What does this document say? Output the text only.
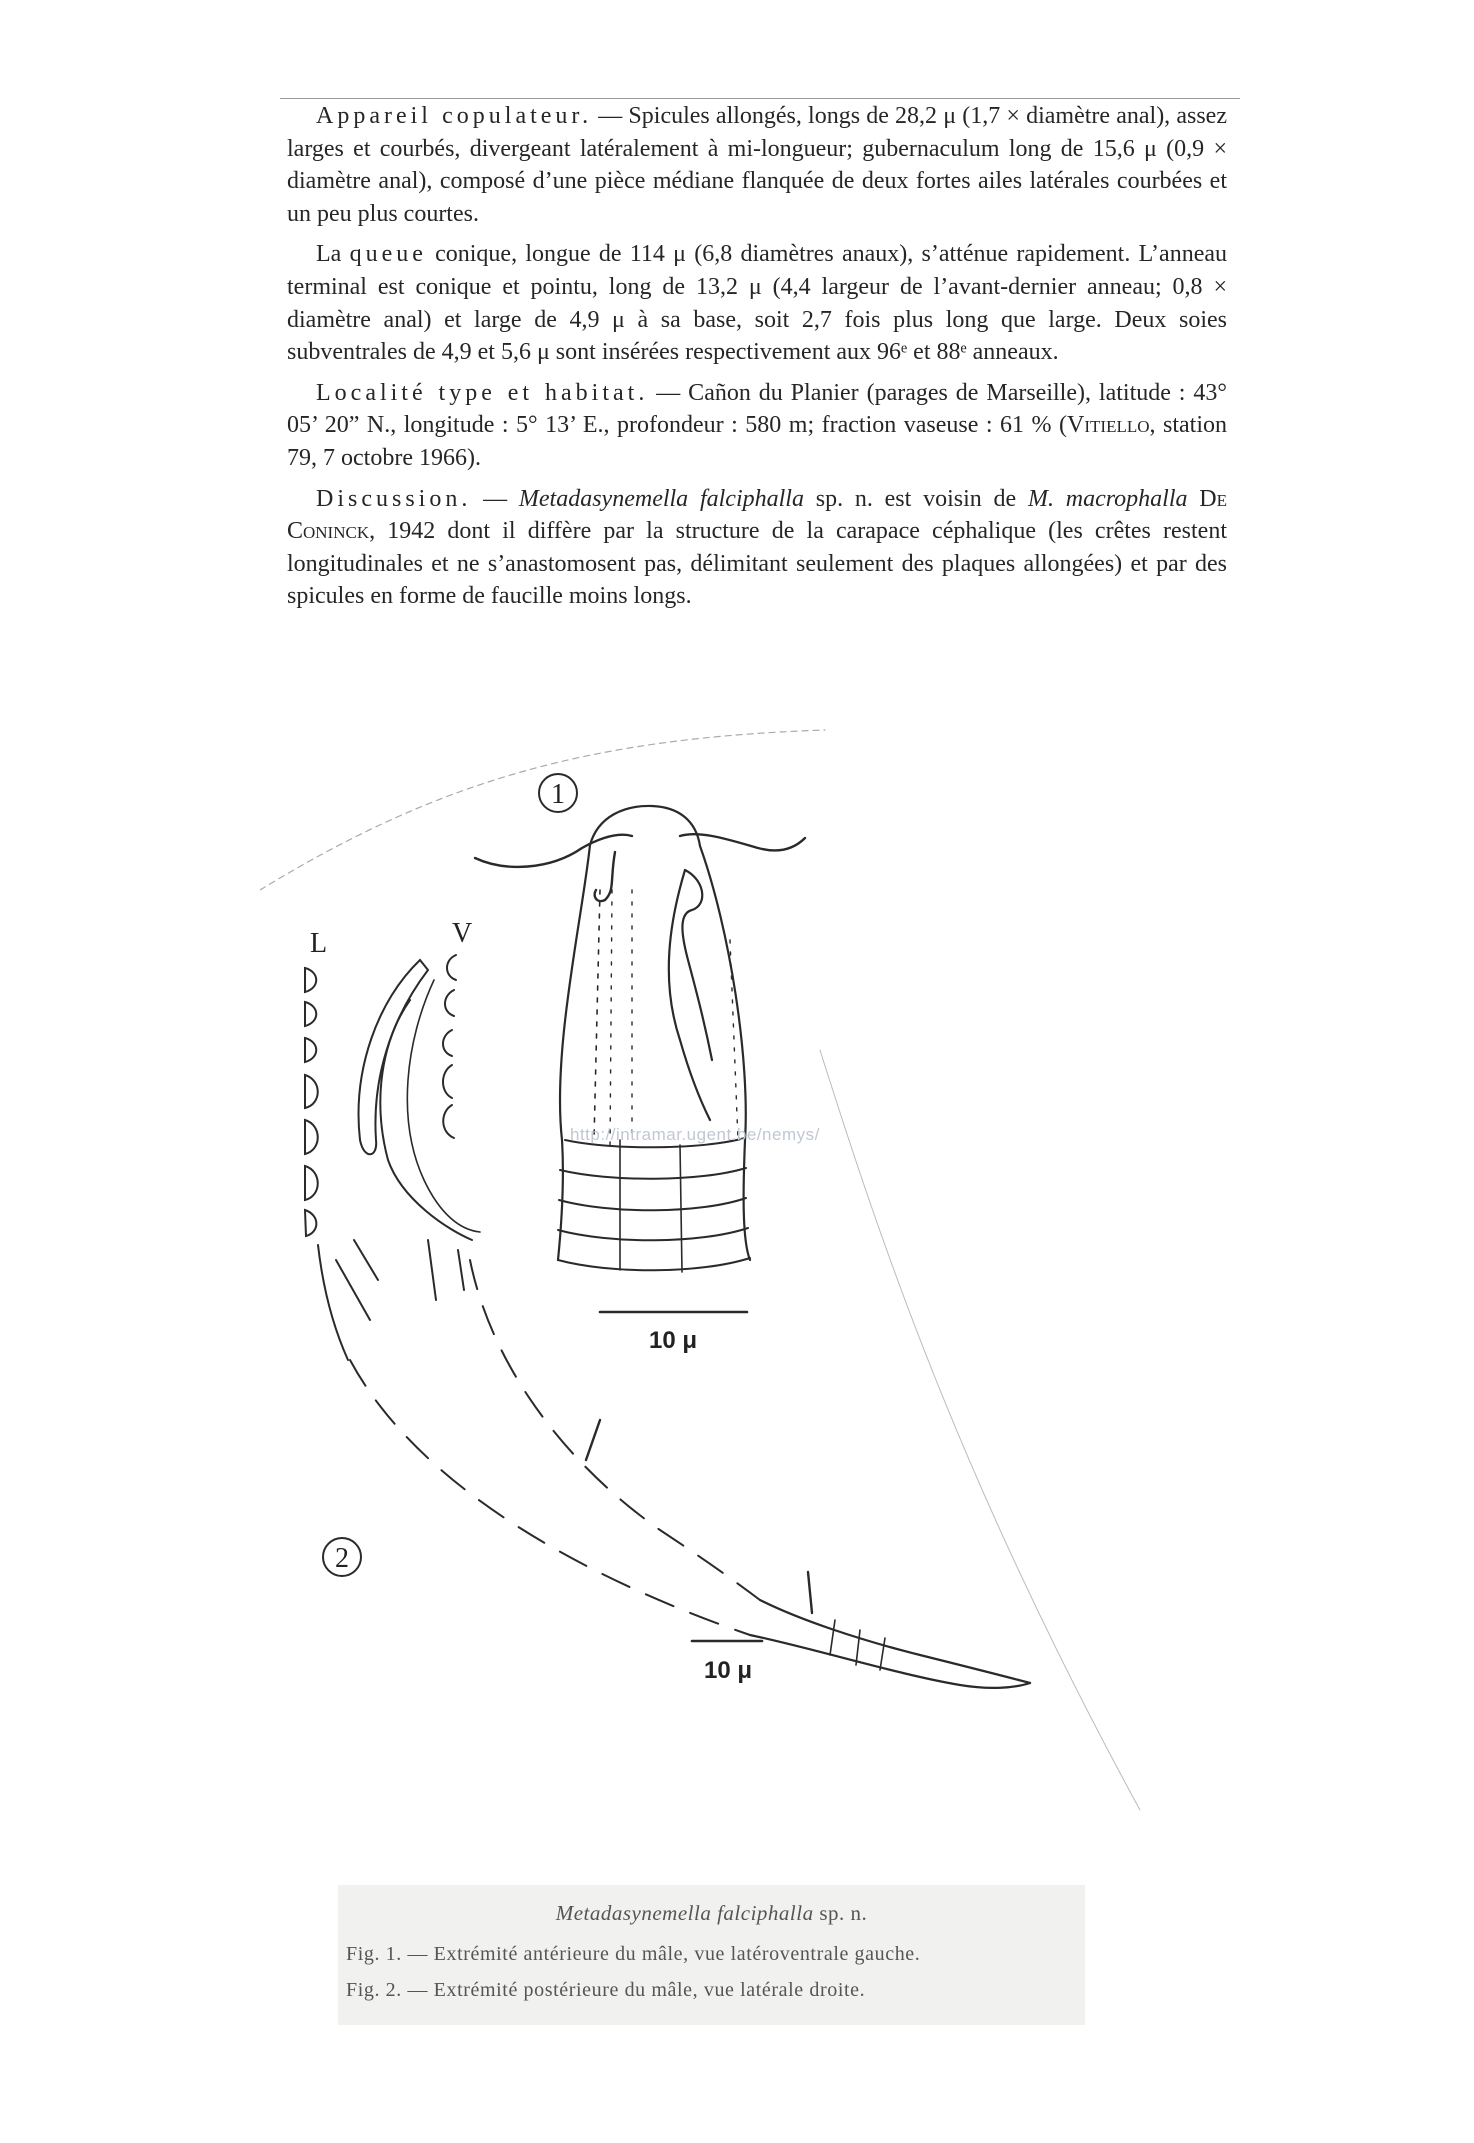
Appareil copulateur. — Spicules allongés, longs de 28,2 μ (1,7 × diamètre anal), assez larges et courbés, divergeant latéralement à mi-longueur; gubernaculum long de 15,6 μ (0,9 × diamètre anal), composé d’une pièce médiane flanquée de deux fortes ailes latérales courbées et un peu plus courtes.

La queue conique, longue de 114 μ (6,8 diamètres anaux), s’atténue rapidement. L’anneau terminal est conique et pointu, long de 13,2 μ (4,4 largeur de l’avant-dernier anneau; 0,8 × diamètre anal) et large de 4,9 μ à sa base, soit 2,7 fois plus long que large. Deux soies subventrales de 4,9 et 5,6 μ sont insérées respectivement aux 96ᵉ et 88ᵉ anneaux.

Localité type et habitat. — Cañon du Planier (parages de Marseille), latitude : 43° 05’ 20” N., longitude : 5° 13’ E., profondeur : 580 m; fraction vaseuse : 61 % (Vitiello, station 79, 7 octobre 1966).

Discussion. — Metadasynemella falciphalla sp. n. est voisin de M. macrophalla De Coninck, 1942 dont il diffère par la structure de la carapace céphalique (les crêtes restent longitudinales et ne s’anastomosent pas, délimitant seulement des plaques allongées) et par des spicules en forme de faucille moins longs.

1
10 μ
L	V
2
10 μ
http://intramar.ugent.be/nemys/
Metadasynemella falciphalla sp. n.
Fig. 1. — Extrémité antérieure du mâle, vue latéroventrale gauche.
Fig. 2. — Extrémité postérieure du mâle, vue latérale droite.
